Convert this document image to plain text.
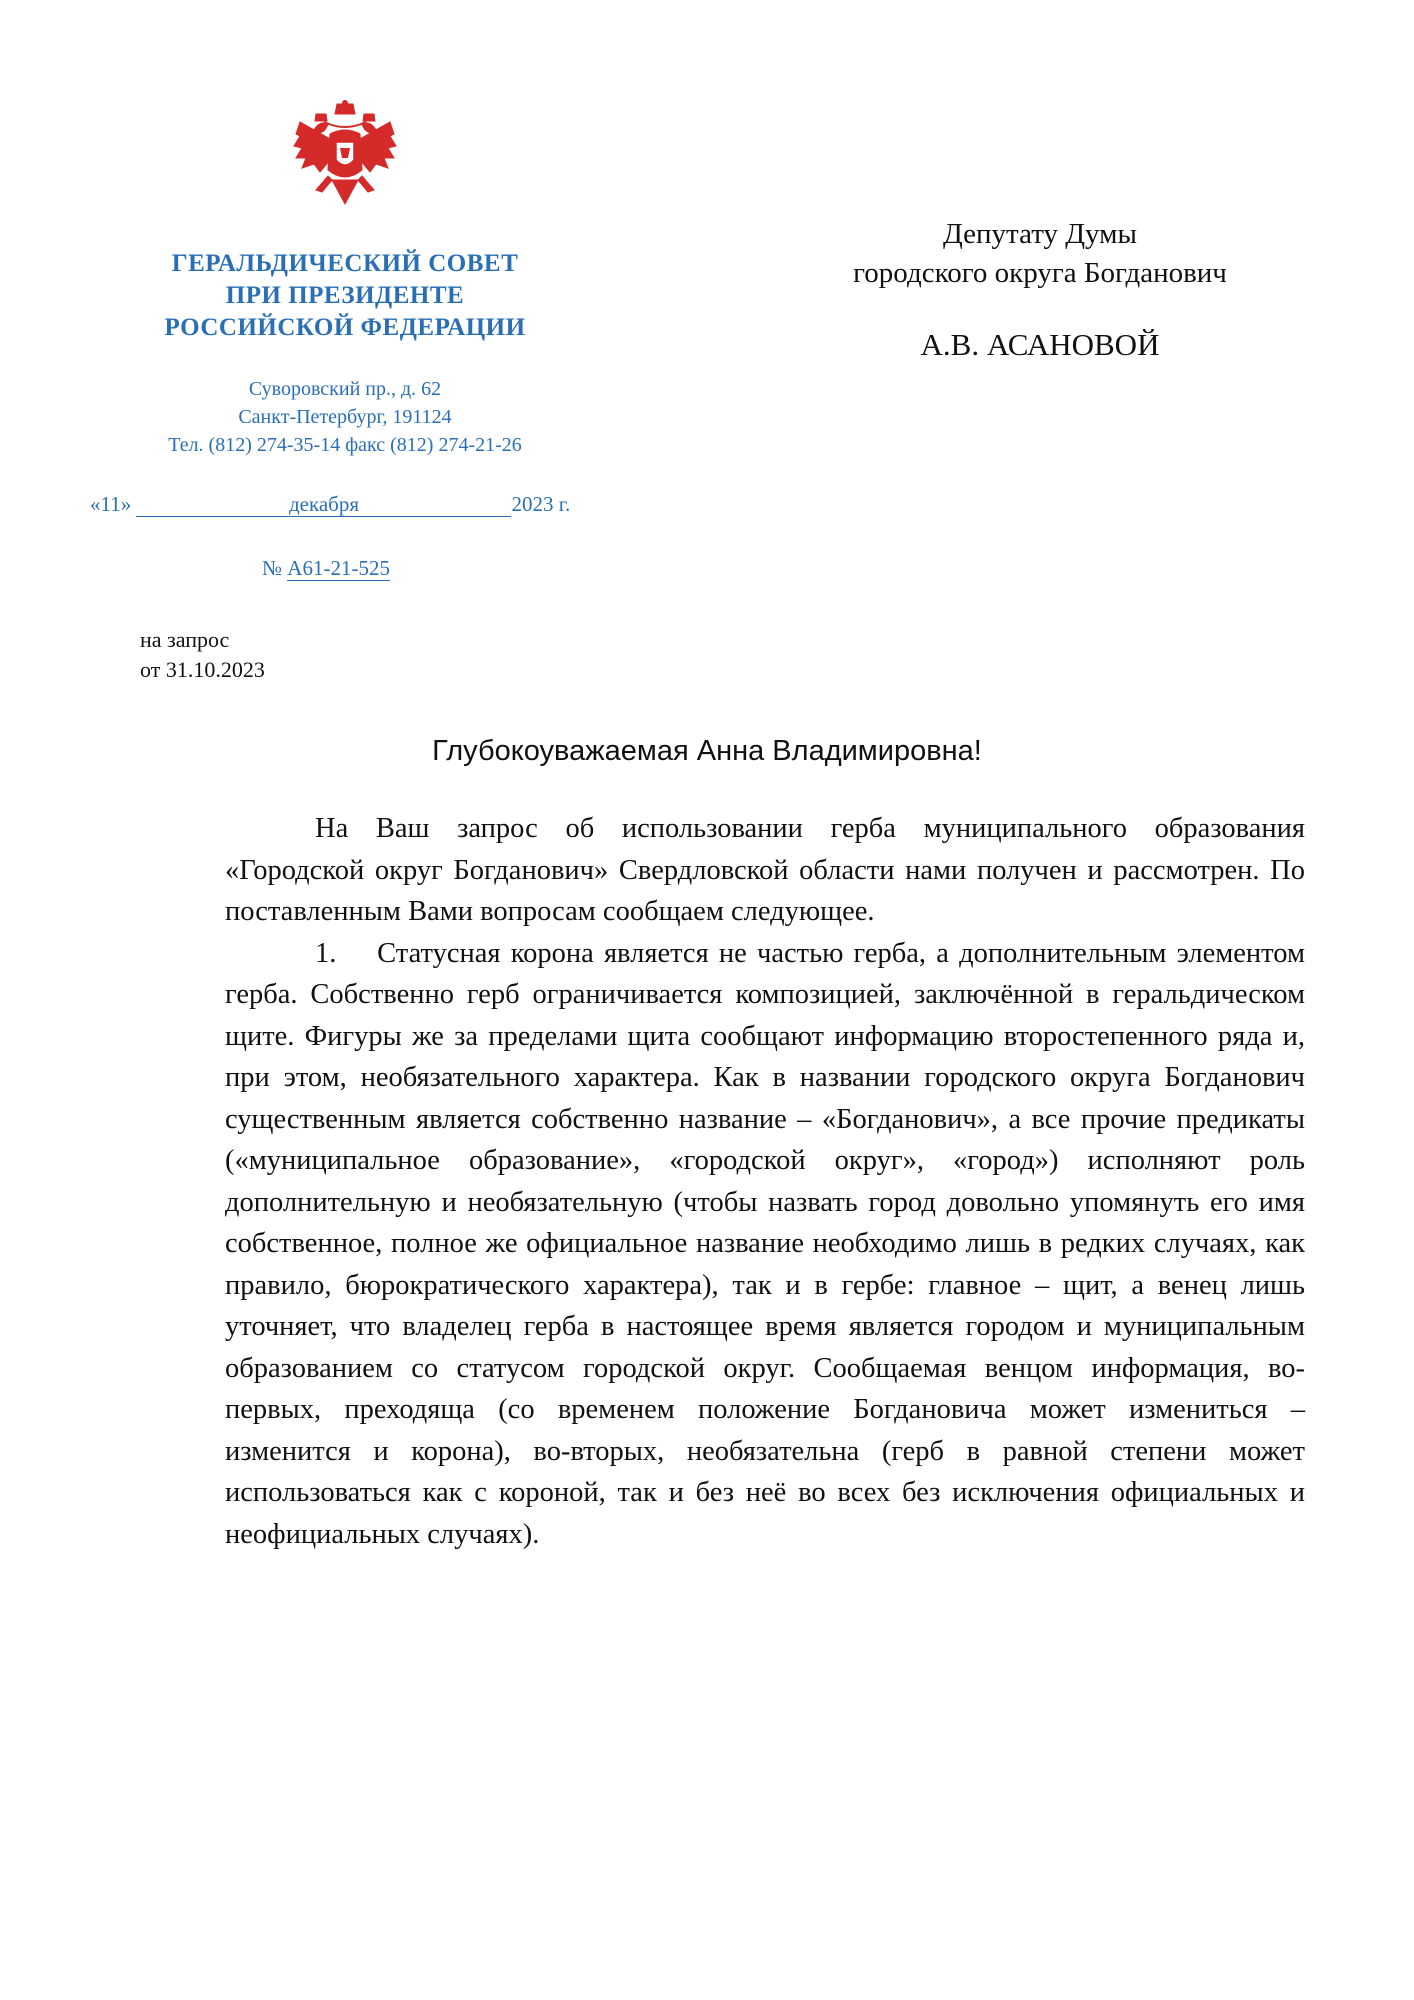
ГЕРАЛЬДИЧЕСКИЙ СОВЕТ
ПРИ ПРЕЗИДЕНТЕ
РОССИЙСКОЙ ФЕДЕРАЦИИ
Суворовский пр., д. 62
Санкт-Петербург, 191124
Тел. (812) 274-35-14 факс (812) 274-21-26
«11»	декабря	2023 г.
№ А61-21-525
на запрос
от 31.10.2023
Депутату Думы
городского округа Богданович
А.В. АСАНОВОЙ
Глубокоуважаемая Анна Владимировна!

На Ваш запрос об использовании герба муниципального образования «Городской округ Богданович» Свердловской области нами получен и рассмотрен. По поставленным Вами вопросам сообщаем следующее.

1.    Статусная корона является не частью герба, а дополнительным элементом герба. Собственно герб ограничивается композицией, заключённой в геральдическом щите. Фигуры же за пределами щита сообщают информацию второстепенного ряда и, при этом, необязательного характера. Как в названии городского округа Богданович существенным является собственно название – «Богданович», а все прочие предикаты («муниципальное образование», «городской округ», «город») исполняют роль дополнительную и необязательную (чтобы назвать город довольно упомянуть его имя собственное, полное же официальное название необходимо лишь в редких случаях, как правило, бюрократического характера), так и в гербе: главное – щит, а венец лишь уточняет, что владелец герба в настоящее время является городом и муниципальным образованием со статусом городской округ. Сообщаемая венцом информация, во-первых, преходяща (со временем положение Богдановича может измениться – изменится и корона), во-вторых, необязательна (герб в равной степени может использоваться как с короной, так и без неё во всех без исключения официальных и неофициальных случаях).
